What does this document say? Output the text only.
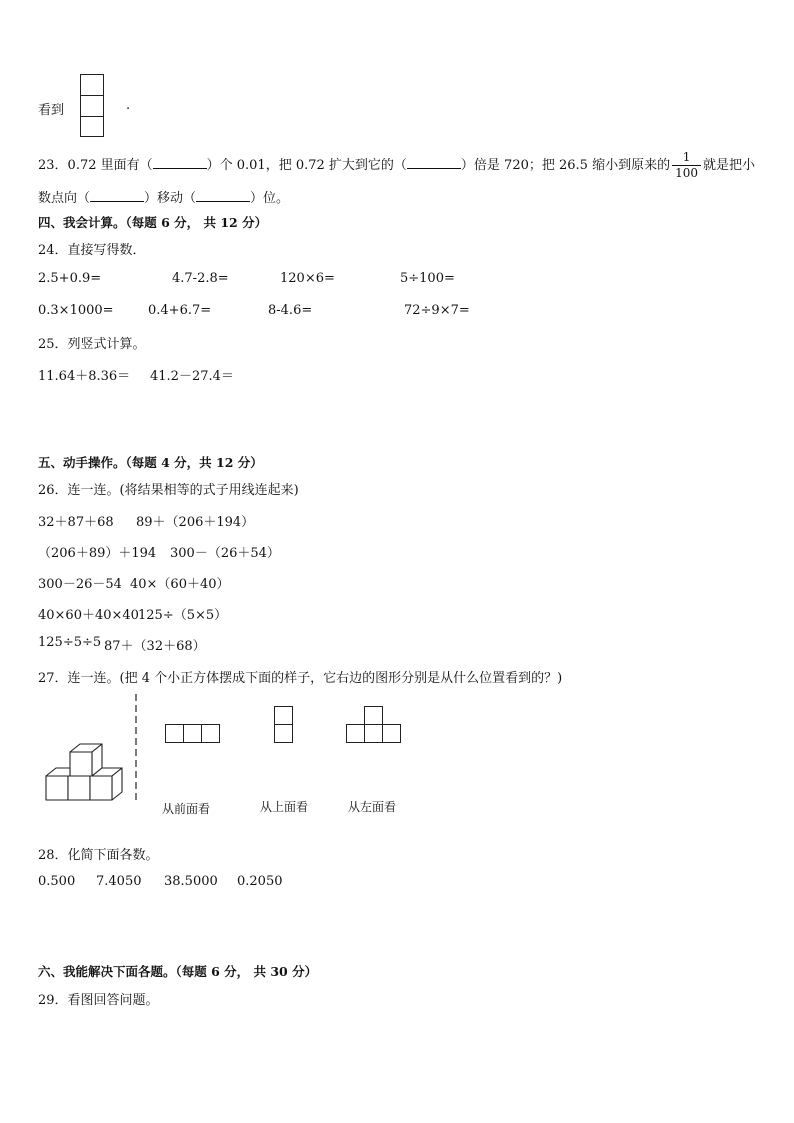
看到	.
23．0.72 里面有（	）个 0.01，把 0.72 扩大到它的（	）倍是 720；把 26.5 缩小到原来的 $\frac{1}{100}$ 就是把小
数点向（	）移动（	）位。
四、我会计算。（每题 6 分， 共 12 分）
24．直接写得数．
2.5+0.9=	4.7-2.8=	120×6=	5÷100=
0.3×1000=	0.4+6.7=	8-4.6=	72÷9×7=
25．列竖式计算。
11.64＋8.36＝ 41.2－27.4＝
五、动手操作。（每题 4 分，共 12 分）
26．连一连。(将结果相等的式子用线连起来)
32＋87＋68 89＋（206＋194）
（206＋89）＋194 300－（26＋54）
300－26－54 40×（60＋40）
40×60＋40×40 125÷（5×5）
125÷5÷5 87＋（32＋68）
27．连一连。(把 4 个小正方体摆成下面的样子，它右边的图形分别是从什么位置看到的？)
从前面看	从上面看	从左面看
28．化简下面各数。
0.500 7.4050 38.5000 0.2050
六、我能解决下面各题。（每题 6 分， 共 30 分）
29．看图回答问题。
